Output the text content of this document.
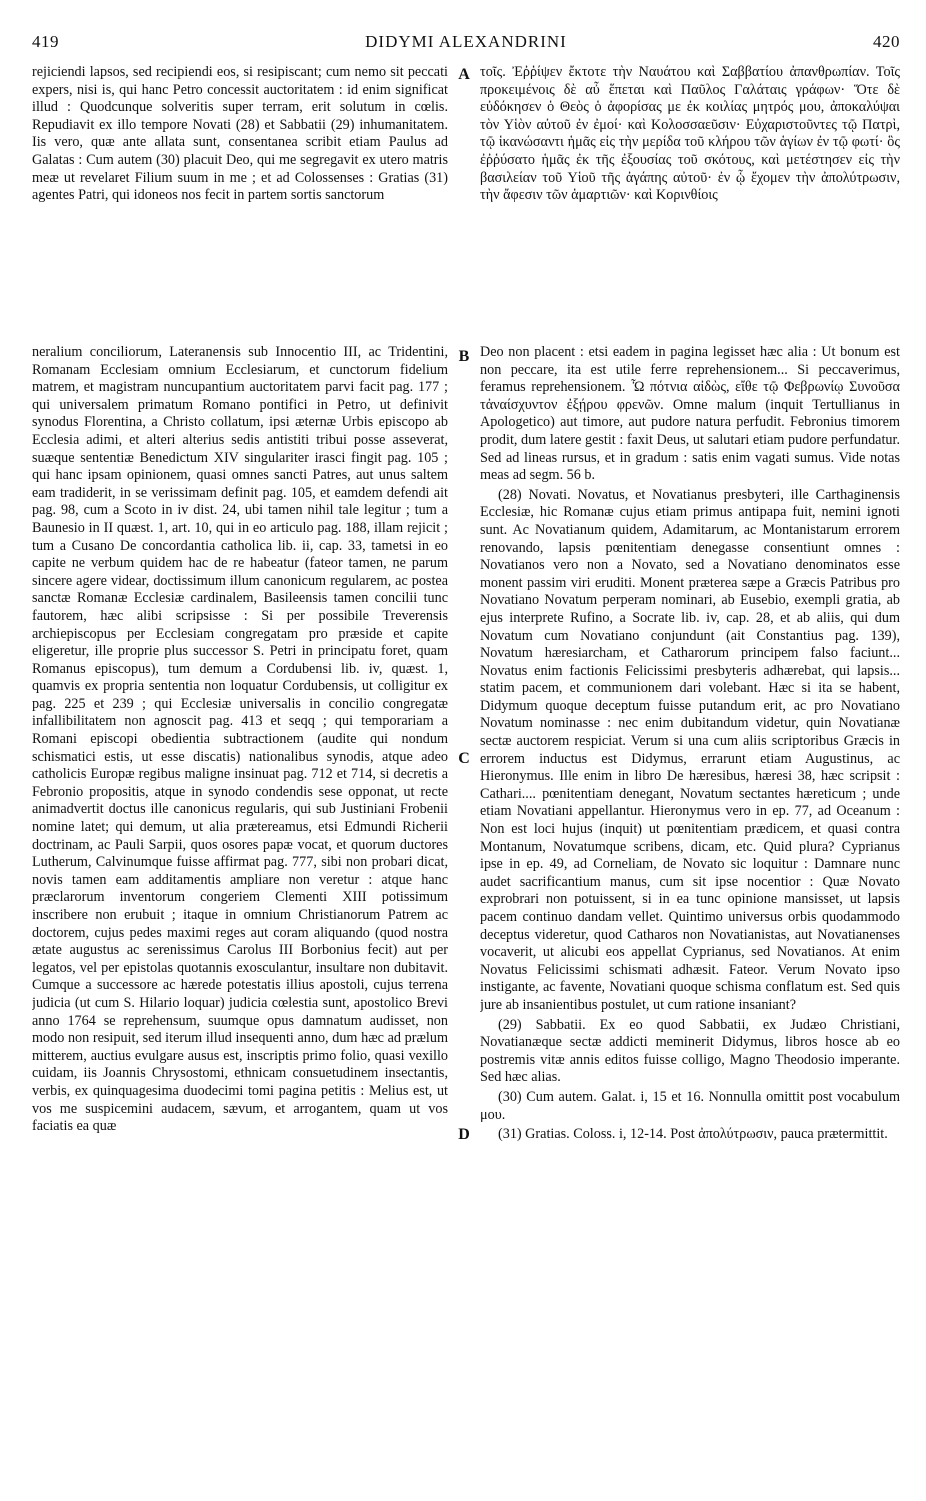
419	DIDYMI ALEXANDRINI	420

rejiciendi lapsos, sed recipiendi eos, si resipiscant; cum nemo sit peccati expers, nisi is, qui hanc Petro concessit auctoritatem : id enim significat illud : Quodcunque solveritis super terram, erit solutum in cœlis. Repudiavit ex illo tempore Novati (28) et Sabbatii (29) inhumanitatem. Iis vero, quæ ante allata sunt, consentanea scribit etiam Paulus ad Galatas : Cum autem (30) placuit Deo, qui me segregavit ex utero matris meæ ut revelaret Filium suum in me ; et ad Colossenses : Gratias (31) agentes Patri, qui idoneos nos fecit in partem sortis sanctorum

A τοῖς. Ἐῤῥίψεν ἔκτοτε τὴν Ναυάτου καὶ Σαββατίου ἀπανθρωπίαν. Τοῖς προκειμένοις δὲ αὖ ἕπεται καὶ Παῦλος Γαλάταις γράφων· Ὅτε δὲ εὐδόκησεν ὁ Θεὸς ὁ ἀφορίσας με ἐκ κοιλίας μητρός μου, ἀποκαλύψαι τὸν Υἱὸν αὐτοῦ ἐν ἐμοί· καὶ Κολοσσαεῦσιν· Εὐχαριστοῦντες τῷ Πατρὶ, τῷ ἱκανώσαντι ἡμᾶς εἰς τὴν μερίδα τοῦ κλήρου τῶν ἁγίων ἐν τῷ φωτί· ὃς ἐῤῥύσατο ἡμᾶς ἐκ τῆς ἐξουσίας τοῦ σκότους, καὶ μετέστησεν εἰς τὴν βασιλείαν τοῦ Υἱοῦ τῆς ἀγάπης αὐτοῦ· ἐν ᾧ ἔχομεν τὴν ἀπολύτρωσιν, τὴν ἄφεσιν τῶν ἁμαρτιῶν· καὶ Κορινθίοις

neralium conciliorum, Lateranensis sub Innocentio III, ac Tridentini, Romanam Ecclesiam omnium Ecclesiarum, et cunctorum fidelium matrem, et magistram nuncupantium auctoritatem parvi facit pag. 177 ; qui universalem primatum Romano pontifici in Petro, ut definivit synodus Florentina, a Christo collatum, ipsi æternæ Urbis episcopo ab Ecclesia adimi, et alteri alterius sedis antistiti tribui posse asseverat, suæque sententiæ Benedictum XIV singulariter irasci fingit pag. 105 ; qui hanc ipsam opinionem, quasi omnes sancti Patres, aut unus saltem eam tradiderit, in se verissimam definit pag. 105, et eamdem defendi ait pag. 98, cum a Scoto in iv dist. 24, ubi tamen nihil tale legitur ; tum a Baunesio in II quæst. 1, art. 10, qui in eo articulo pag. 188, illam rejicit ; tum a Cusano De concordantia catholica lib. ii, cap. 33, tametsi in eo capite ne verbum quidem hac de re habeatur (fateor tamen, ne parum sincere agere videar, doctissimum illum canonicum regularem, ac postea sanctæ Romanæ Ecclesiæ cardinalem, Basileensis tamen concilii tunc fautorem, hæc alibi scripsisse : Si per possibile Treverensis archiepiscopus per Ecclesiam congregatam pro præside et capite eligeretur, ille proprie plus successor S. Petri in principatu foret, quam Romanus episcopus), tum demum a Cordubensi lib. iv, quæst. 1, quamvis ex propria sententia non loquatur Cordubensis, ut colligitur ex pag. 225 et 239 ; qui Ecclesiæ universalis in concilio congregatæ infallibilitatem non agnoscit pag. 413 et seqq ; qui temporariam a Romani episcopi obedientia subtractionem (audite qui nondum schismatici estis, ut esse discatis) nationalibus synodis, atque adeo catholicis Europæ regibus maligne insinuat pag. 712 et 714, si decretis a Febronio propositis, atque in synodo condendis sese opponat, ut recte animadvertit doctus ille canonicus regularis, qui sub Justiniani Frobenii nomine latet; qui demum, ut alia prætereamus, etsi Edmundi Richerii doctrinam, ac Pauli Sarpii, quos osores papæ vocat, et quorum ductores Lutherum, Calvinumque fuisse affirmat pag. 777, sibi non probari dicat, novis tamen eam additamentis ampliare non veretur : atque hanc præclarorum inventorum congeriem Clementi XIII potissimum inscribere non erubuit ; itaque in omnium Christianorum Patrem ac doctorem, cujus pedes maximi reges aut coram aliquando (quod nostra ætate augustus ac serenissimus Carolus III Borbonius fecit) aut per legatos, vel per epistolas quotannis exosculantur, insultare non dubitavit. Cumque a successore ac hærede potestatis illius apostoli, cujus terrena judicia (ut cum S. Hilario loquar) judicia cœlestia sunt, apostolico Brevi anno 1764 se reprehensum, suumque opus damnatum audisset, non modo non resipuit, sed iterum illud insequenti anno, dum hæc ad prælum mitterem, auctius evulgare ausus est, inscriptis primo folio, quasi vexillo cuidam, iis Joannis Chrysostomi, ethnicam consuetudinem insectantis, verbis, ex quinquagesima duodecimi tomi pagina petitis : Melius est, ut vos me suspicemini audacem, sævum, et arrogantem, quam ut vos faciatis ea quæ

B
C
D

Deo non placent : etsi eadem in pagina legisset hæc alia : Ut bonum est non peccare, ita est utile ferre reprehensionem... Si peccaverimus, feramus reprehensionem. Ὦ πότνια αἰδὼς, εἴθε τῷ Φεβρωνίῳ Συνοῦσα τἀναίσχυντον ἐξῄρου φρενῶν. Omne malum (inquit Tertullianus in Apologetico) aut timore, aut pudore natura perfudit. Febronius timorem prodit, dum latere gestit : faxit Deus, ut salutari etiam pudore perfundatur. Sed ad lineas rursus, et in gradum : satis enim vagati sumus. Vide notas meas ad segm. 56 b.

(28) Novati. Novatus, et Novatianus presbyteri, ille Carthaginensis Ecclesiæ, hic Romanæ cujus etiam primus antipapa fuit, nemini ignoti sunt. Ac Novatianum quidem, Adamitarum, ac Montanistarum errorem renovando, lapsis pœnitentiam denegasse consentiunt omnes : Novatianos vero non a Novato, sed a Novatiano denominatos esse monent passim viri eruditi. Monent præterea sæpe a Græcis Patribus pro Novatiano Novatum perperam nominari, ab Eusebio, exempli gratia, ab ejus interprete Rufino, a Socrate lib. iv, cap. 28, et ab aliis, qui dum Novatum cum Novatiano conjundunt (ait Constantius pag. 139), Novatum hæresiarcham, et Catharorum principem falso faciunt... Novatus enim factionis Felicissimi presbyteris adhærebat, qui lapsis... statim pacem, et communionem dari volebant. Hæc si ita se habent, Didymum quoque deceptum fuisse putandum erit, ac pro Novatiano Novatum nominasse : nec enim dubitandum videtur, quin Novatianæ sectæ auctorem respiciat. Verum si una cum aliis scriptoribus Græcis in errorem inductus est Didymus, errarunt etiam Augustinus, ac Hieronymus. Ille enim in libro De hæresibus, hæresi 38, hæc scripsit : Cathari.... pœnitentiam denegant, Novatum sectantes hæreticum ; unde etiam Novatiani appellantur. Hieronymus vero in ep. 77, ad Oceanum : Non est loci hujus (inquit) ut pœnitentiam prædicem, et quasi contra Montanum, Novatumque scribens, dicam, etc. Quid plura? Cyprianus ipse in ep. 49, ad Corneliam, de Novato sic loquitur : Damnare nunc audet sacrificantium manus, cum sit ipse nocentior : Quæ Novato exprobrari non potuissent, si in ea tunc opinione mansisset, ut lapsis pacem continuo dandam vellet. Quintimo universus orbis quodammodo deceptus videretur, quod Catharos non Novatianistas, aut Novatianenses vocaverit, ut alicubi eos appellat Cyprianus, sed Novatianos. At enim Novatus Felicissimi schismati adhæsit. Fateor. Verum Novato ipso instigante, ac favente, Novatiani quoque schisma conflatum est. Sed quis jure ab insanientibus postulet, ut cum ratione insaniant?

(29) Sabbatii. Ex eo quod Sabbatii, ex Judæo Christiani, Novatianæque sectæ addicti meminerit Didymus, libros hosce ab eo postremis vitæ annis editos fuisse colligo, Magno Theodosio imperante. Sed hæc alias.

(30) Cum autem. Galat. i, 15 et 16. Nonnulla omittit post vocabulum μου.

(31) Gratias. Coloss. i, 12-14. Post ἀπολύτρωσιν, pauca prætermittit.
